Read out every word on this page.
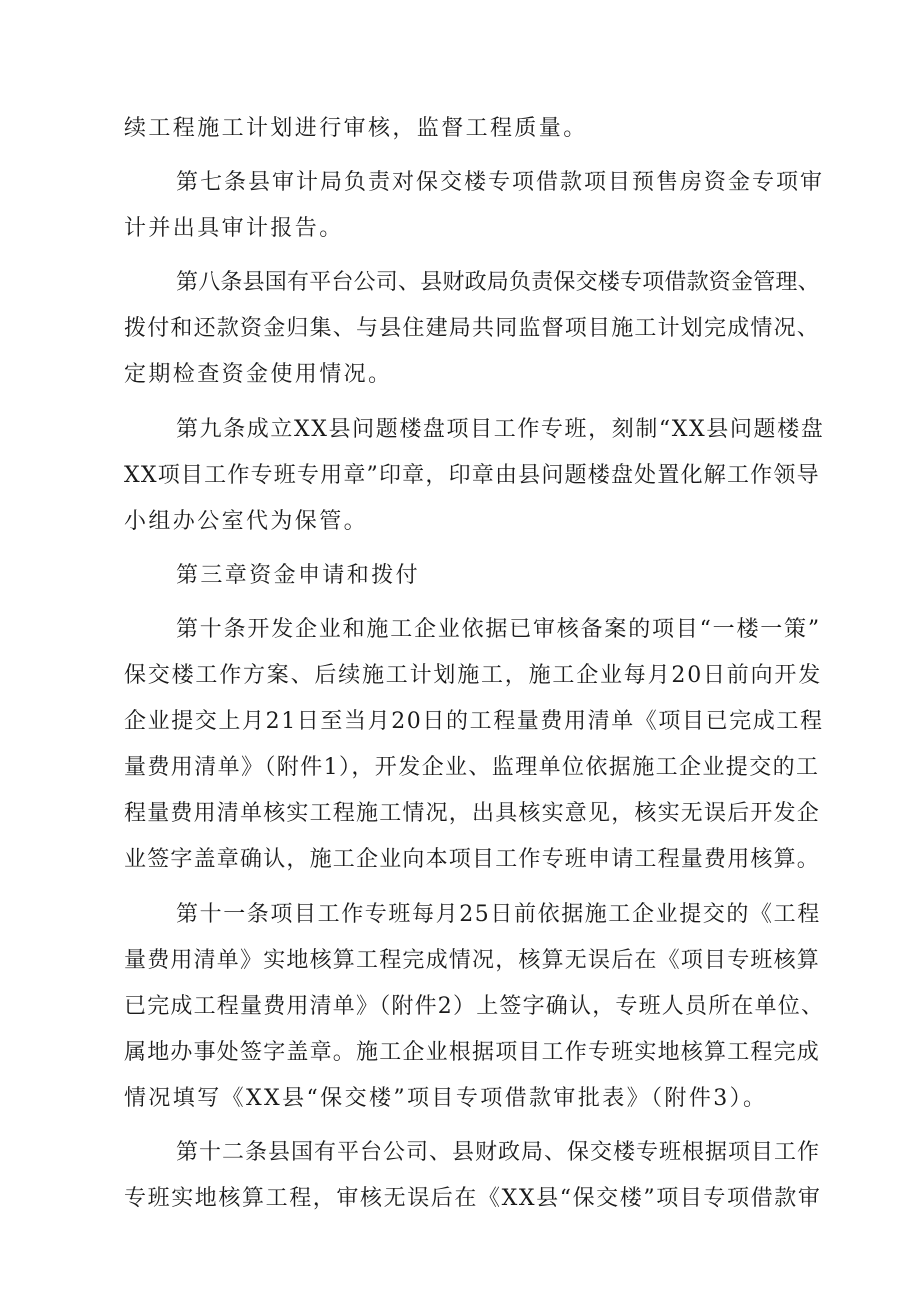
续工程施工计划进行审核，监督工程质量。
第七条县审计局负责对保交楼专项借款项目预售房资金专项审
计并出具审计报告。
第八条县国有平台公司、县财政局负责保交楼专项借款资金管理、
拨付和还款资金归集、与县住建局共同监督项目施工计划完成情况、
定期检查资金使用情况。
第九条成立XX县问题楼盘项目工作专班，刻制“XX县问题楼盘
XX项目工作专班专用章”印章，印章由县问题楼盘处置化解工作领导
小组办公室代为保管。
第三章资金申请和拨付
第十条开发企业和施工企业依据已审核备案的项目“一楼一策”
保交楼工作方案、后续施工计划施工，施工企业每月20日前向开发
企业提交上月21日至当月20日的工程量费用清单《项目已完成工程
量费用清单》（附件1），开发企业、监理单位依据施工企业提交的工
程量费用清单核实工程施工情况，出具核实意见，核实无误后开发企
业签字盖章确认，施工企业向本项目工作专班申请工程量费用核算。
第十一条项目工作专班每月25日前依据施工企业提交的《工程
量费用清单》实地核算工程完成情况，核算无误后在《项目专班核算
已完成工程量费用清单》（附件2）上签字确认，专班人员所在单位、
属地办事处签字盖章。施工企业根据项目工作专班实地核算工程完成
情况填写《XX县“保交楼”项目专项借款审批表》（附件3）。
第十二条县国有平台公司、县财政局、保交楼专班根据项目工作
专班实地核算工程，审核无误后在《XX县“保交楼”项目专项借款审
